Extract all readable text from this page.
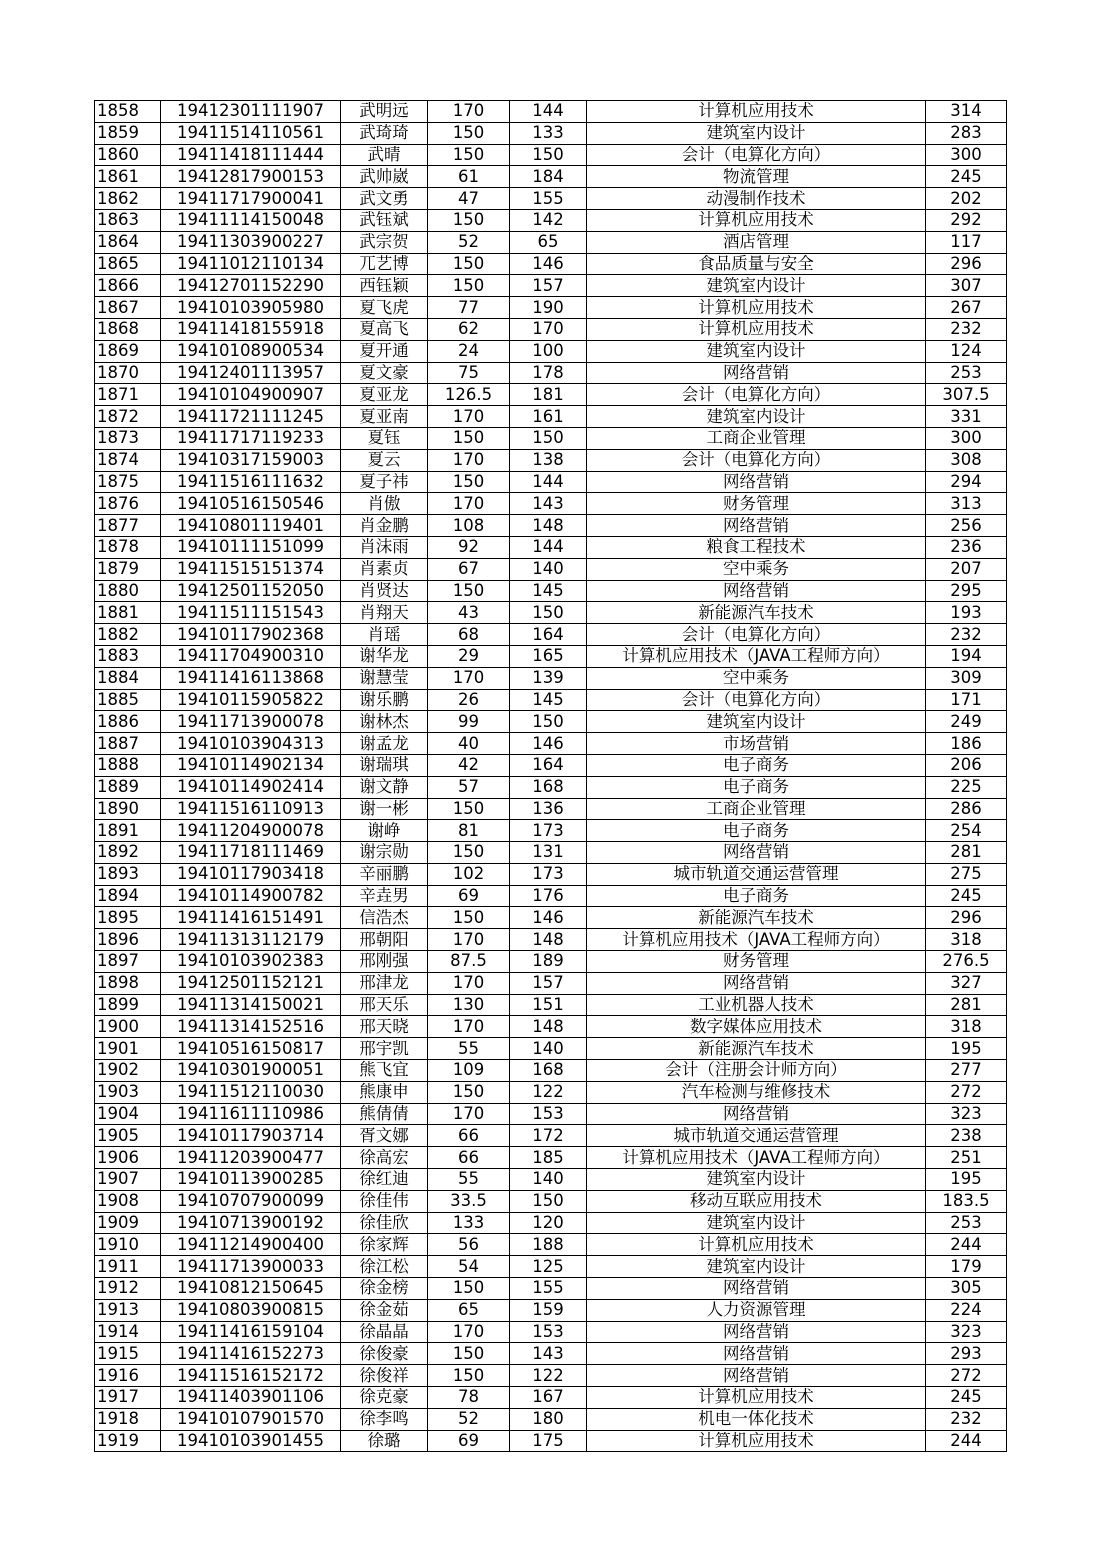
1858	19412301111907	武明远	170	144	计算机应用技术	314
1859	19411514110561	武琦琦	150	133	建筑室内设计	283
1860	19411418111444	武晴	150	150	会计（电算化方向）	300
1861	19412817900153	武帅崴	61	184	物流管理	245
1862	19411717900041	武文勇	47	155	动漫制作技术	202
1863	19411114150048	武钰斌	150	142	计算机应用技术	292
1864	19411303900227	武宗贺	52	65	酒店管理	117
1865	19411012110134	兀艺博	150	146	食品质量与安全	296
1866	19412701152290	西钰颖	150	157	建筑室内设计	307
1867	19410103905980	夏飞虎	77	190	计算机应用技术	267
1868	19411418155918	夏高飞	62	170	计算机应用技术	232
1869	19410108900534	夏开通	24	100	建筑室内设计	124
1870	19412401113957	夏文豪	75	178	网络营销	253
1871	19410104900907	夏亚龙	126.5	181	会计（电算化方向）	307.5
1872	19411721111245	夏亚南	170	161	建筑室内设计	331
1873	19411717119233	夏钰	150	150	工商企业管理	300
1874	19410317159003	夏云	170	138	会计（电算化方向）	308
1875	19411516111632	夏子祎	150	144	网络营销	294
1876	19410516150546	肖傲	170	143	财务管理	313
1877	19410801119401	肖金鹏	108	148	网络营销	256
1878	19410111151099	肖沫雨	92	144	粮食工程技术	236
1879	19411515151374	肖素贞	67	140	空中乘务	207
1880	19412501152050	肖贤达	150	145	网络营销	295
1881	19411511151543	肖翔天	43	150	新能源汽车技术	193
1882	19410117902368	肖瑶	68	164	会计（电算化方向）	232
1883	19411704900310	谢华龙	29	165	计算机应用技术（JAVA工程师方向）	194
1884	19411416113868	谢慧莹	170	139	空中乘务	309
1885	19410115905822	谢乐鹏	26	145	会计（电算化方向）	171
1886	19411713900078	谢林杰	99	150	建筑室内设计	249
1887	19410103904313	谢孟龙	40	146	市场营销	186
1888	19410114902134	谢瑞琪	42	164	电子商务	206
1889	19410114902414	谢文静	57	168	电子商务	225
1890	19411516110913	谢一彬	150	136	工商企业管理	286
1891	19411204900078	谢峥	81	173	电子商务	254
1892	19411718111469	谢宗勋	150	131	网络营销	281
1893	19410117903418	辛丽鹏	102	173	城市轨道交通运营管理	275
1894	19410114900782	辛垚男	69	176	电子商务	245
1895	19411416151491	信浩杰	150	146	新能源汽车技术	296
1896	19411313112179	邢朝阳	170	148	计算机应用技术（JAVA工程师方向）	318
1897	19410103902383	邢刚强	87.5	189	财务管理	276.5
1898	19412501152121	邢津龙	170	157	网络营销	327
1899	19411314150021	邢天乐	130	151	工业机器人技术	281
1900	19411314152516	邢天晓	170	148	数字媒体应用技术	318
1901	19410516150817	邢宇凯	55	140	新能源汽车技术	195
1902	19410301900051	熊飞宜	109	168	会计（注册会计师方向）	277
1903	19411512110030	熊康申	150	122	汽车检测与维修技术	272
1904	19411611110986	熊倩倩	170	153	网络营销	323
1905	19410117903714	胥文娜	66	172	城市轨道交通运营管理	238
1906	19411203900477	徐高宏	66	185	计算机应用技术（JAVA工程师方向）	251
1907	19410113900285	徐红迪	55	140	建筑室内设计	195
1908	19410707900099	徐佳伟	33.5	150	移动互联应用技术	183.5
1909	19410713900192	徐佳欣	133	120	建筑室内设计	253
1910	19411214900400	徐家辉	56	188	计算机应用技术	244
1911	19411713900033	徐江松	54	125	建筑室内设计	179
1912	19410812150645	徐金榜	150	155	网络营销	305
1913	19410803900815	徐金茹	65	159	人力资源管理	224
1914	19411416159104	徐晶晶	170	153	网络营销	323
1915	19411416152273	徐俊豪	150	143	网络营销	293
1916	19411516152172	徐俊祥	150	122	网络营销	272
1917	19411403901106	徐克豪	78	167	计算机应用技术	245
1918	19410107901570	徐李鸣	52	180	机电一体化技术	232
1919	19410103901455	徐璐	69	175	计算机应用技术	244
